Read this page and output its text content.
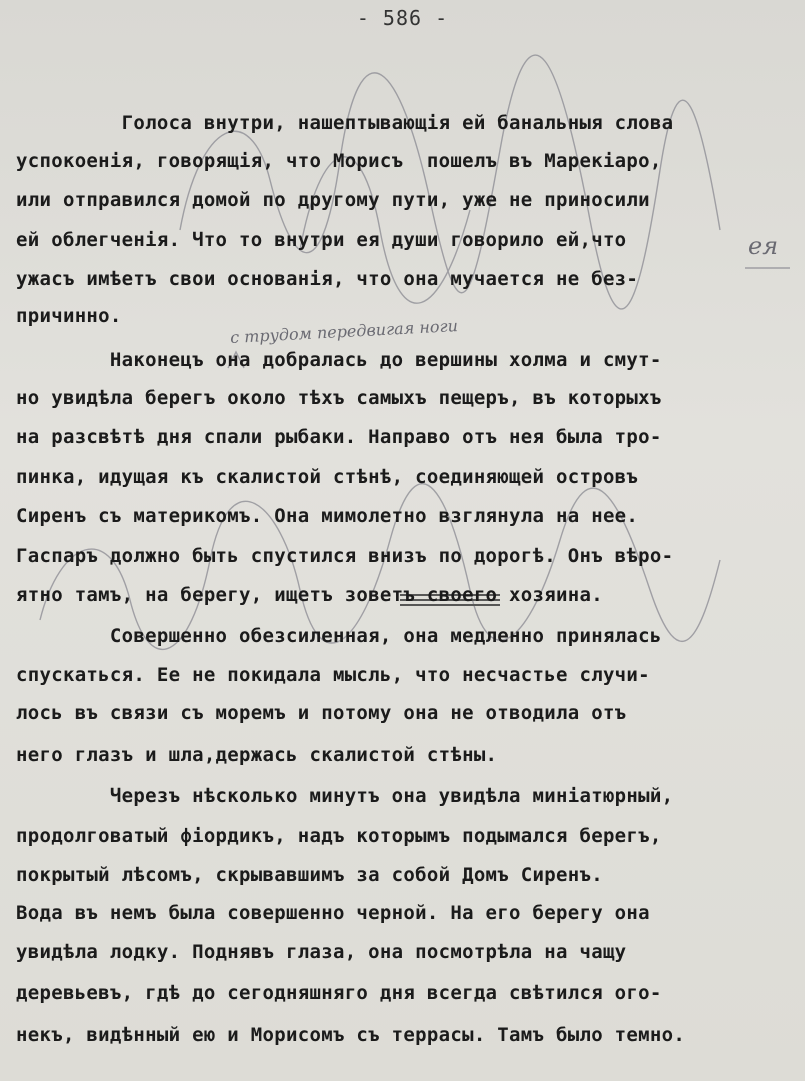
- 586 -
с трудом передвигая ноги
ея
Голоса внутри, нашептывающія ей банальныя слова
успокоенія, говорящія, что Морисъ  пошелъ въ Марекіаро,
или отправился домой по другому пути, уже не приносили
ей облегченія. Что то внутри ея души говорило ей,что
ужасъ имѣетъ свои основанія, что она мучается не без-
причинно.
Наконецъ она добралась до вершины холма и смут-
но увидѣла берегъ около тѣхъ самыхъ пещеръ, въ которыхъ
на разсвѣтѣ дня спали рыбаки. Направо отъ нея была тро-
пинка, идущая къ скалистой стѣнѣ, соединяющей островъ
Сиренъ съ материкомъ. Она мимолетно взглянула на нее.
Гаспаръ должно быть спустился внизъ по дорогѣ. Онъ вѣро-
ятно тамъ, на берегу, ищетъ зоветъ своего хозяина.
Совершенно обезсиленная, она медленно принялась
спускаться. Ее не покидала мысль, что несчастье случи-
лось въ связи съ моремъ и потому она не отводила отъ
него глазъ и шла,держась скалистой стѣны.
Черезъ нѣсколько минутъ она увидѣла миніатюрный,
продолговатый фіордикъ, надъ которымъ подымался берегъ,
покрытый лѣсомъ, скрывавшимъ за собой Домъ Сиренъ.
Вода въ немъ была совершенно черной. На его берегу она
увидѣла лодку. Поднявъ глаза, она посмотрѣла на чащу
деревьевъ, гдѣ до сегодняшняго дня всегда свѣтился ого-
некъ, видѣнный ею и Морисомъ съ террасы. Тамъ было темно.
